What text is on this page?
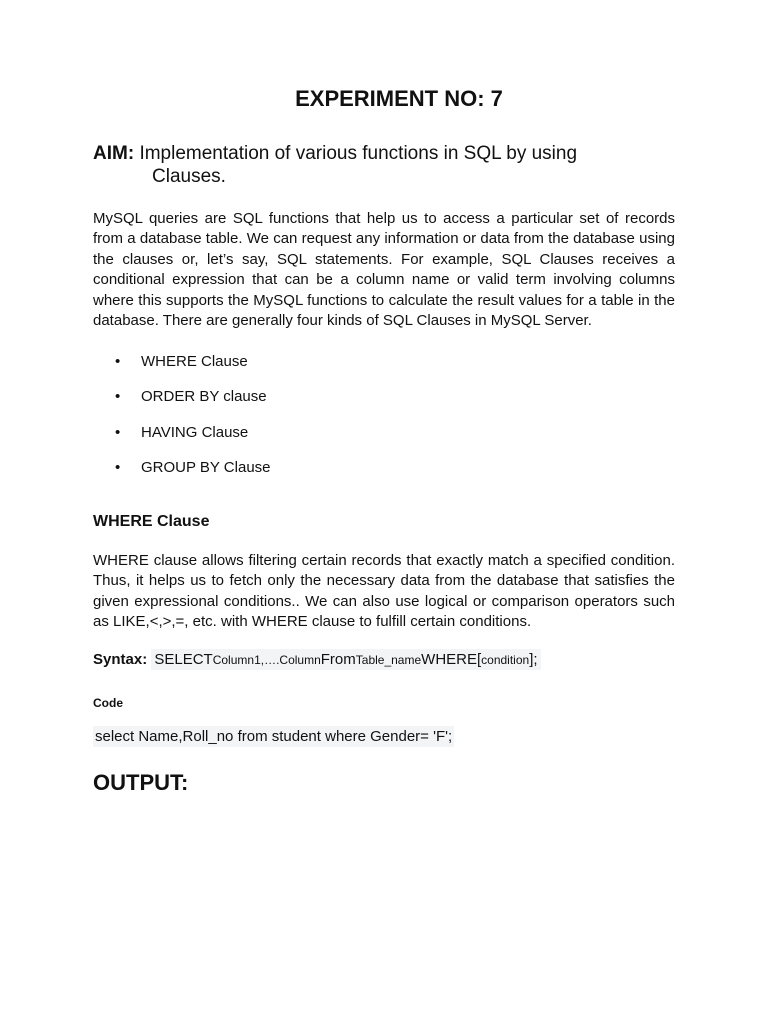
EXPERIMENT NO: 7
AIM: Implementation of various functions in SQL by using
Clauses.
MySQL queries are SQL functions that help us to access a particular set of records from a database table. We can request any information or data from the database using the clauses or, let’s say, SQL statements. For example, SQL Clauses receives a conditional expression that can be a column name or valid term involving columns where this supports the MySQL functions to calculate the result values for a table in the database. There are generally four kinds of SQL Clauses in MySQL Server.
• WHERE Clause
• ORDER BY clause
• HAVING Clause
• GROUP BY Clause
WHERE Clause
WHERE clause allows filtering certain records that exactly match a specified condition. Thus, it helps us to fetch only the necessary data from the database that satisfies the given expressional conditions.. We can also use logical or comparison operators such as LIKE,<,>,=, etc. with WHERE clause to fulfill certain conditions.
Syntax: SELECTColumn1,….ColumnFromTable_nameWHERE[condition];
Code
select Name,Roll_no from student where Gender= 'F';
OUTPUT:
